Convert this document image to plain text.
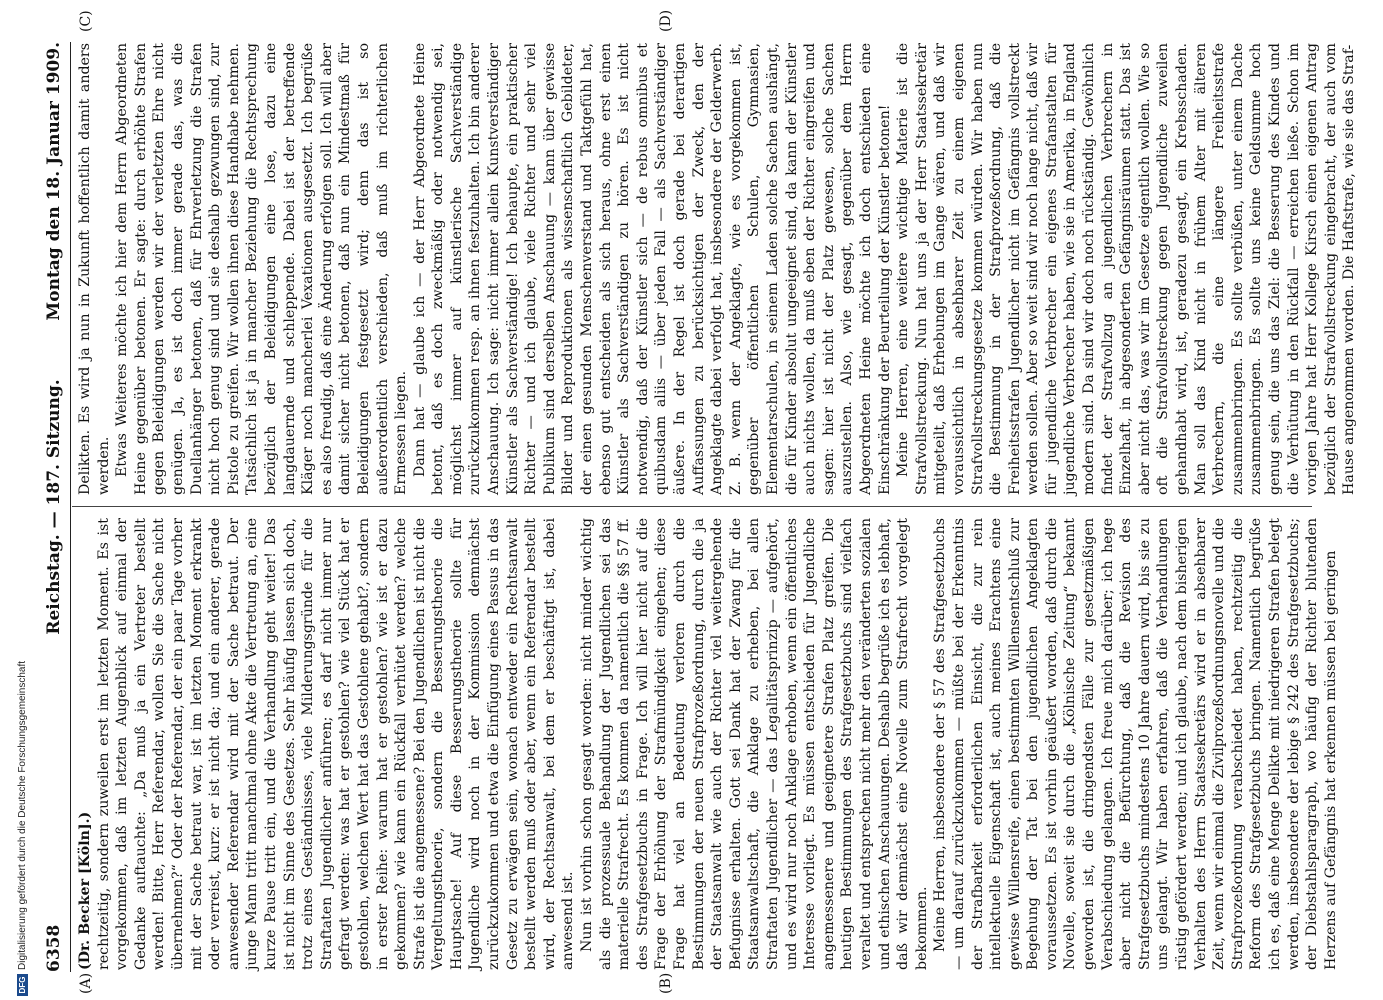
6358
Reichstag. — 187. Sitzung.
Montag den 18. Januar 1909.
(A)	(B)
(C)	(D)

(Dr. Becker [Köln].) rechtzeitig, sondern zuweilen erst im letzten Moment. Es ist vorgekommen, daß im letzten Augenblick auf einmal der Gedanke auftauchte: „Da muß ja ein Vertreter bestellt werden! Bitte, Herr Referendar, wollen Sie die Sache nicht übernehmen?“ Oder der Referendar, der ein paar Tage vorher mit der Sache betraut war, ist im letzten Moment erkrankt oder verreist, kurz: er ist nicht da; und ein anderer, gerade anwesender Referendar wird mit der Sache betraut. Der junge Mann tritt manchmal ohne Akte die Vertretung an, eine kurze Pause tritt ein, und die Verhandlung geht weiter! Das ist nicht im Sinne des Gesetzes. Sehr häufig lassen sich doch, trotz eines Geständnisses, viele Milderungsgründe für die Straftaten Jugendlicher anführen; es darf nicht immer nur gefragt werden: was hat er gestohlen? wie viel Stück hat er gestohlen, welchen Wert hat das Gestohlene gehabt?, sondern in erster Reihe: warum hat er gestohlen? wie ist er dazu gekommen? wie kann ein Rückfall verhütet werden? welche Strafe ist die angemessene? Bei den Jugendlichen ist nicht die Vergeltungstheorie, sondern die Besserungstheorie die Hauptsache! Auf diese Besserungstheorie sollte für Jugendliche wird noch in der Kommission demnächst zurückzukommen und etwa die Einfügung eines Passus in das Gesetz zu erwägen sein, wonach entweder ein Rechtsanwalt bestellt werden muß oder aber, wenn ein Referendar bestellt wird, der Rechtsanwalt, bei dem er beschäftigt ist, dabei anwesend ist. Nun ist vorhin schon gesagt worden: nicht minder wichtig als die prozessuale Behandlung der Jugendlichen sei das materielle Strafrecht. Es kommen da namentlich die §§ 57 ff. des Strafgesetzbuchs in Frage. Ich will hier nicht auf die Frage der Erhöhung der Strafmündigkeit eingehen; diese Frage hat viel an Bedeutung verloren durch die Bestimmungen der neuen Strafprozeßordnung, durch die ja der Staatsanwalt wie auch der Richter viel weitergehende Befugnisse erhalten. Gott sei Dank hat der Zwang für die Staatsanwaltschaft, die Anklage zu erheben, bei allen Straftaten Jugendlicher — das Legalitätsprinzip — aufgehört, und es wird nur noch Anklage erhoben, wenn ein öffentliches Interesse vorliegt. Es müssen entschieden für Jugendliche angemessenere und geeignetere Strafen Platz greifen. Die heutigen Bestimmungen des Strafgesetzbuchs sind vielfach veraltet und entsprechen nicht mehr den veränderten sozialen und ethischen Anschauungen. Deshalb begrüße ich es lebhaft, daß wir demnächst eine Novelle zum Strafrecht vorgelegt bekommen. Meine Herren, insbesondere der § 57 des Strafgesetzbuchs — um darauf zurückzukommen — müßte bei der Erkenntnis der Strafbarkeit erforderlichen Einsicht, die zur rein intellektuelle Eigenschaft ist, auch meines Erachtens eine gewisse Willensreife, einen bestimmten Willensentschluß zur Begehung der Tat bei den jugendlichen Angeklagten voraussetzen. Es ist vorhin geäußert worden, daß durch die Novelle, soweit sie durch die „Kölnische Zeitung“ bekannt geworden ist, die dringendsten Fälle zur gesetzmäßigen Verabschiedung gelangen. Ich freue mich darüber; ich hege aber nicht die Befürchtung, daß die Revision des Strafgesetzbuchs mindestens 10 Jahre dauern wird, bis sie zu uns gelangt. Wir haben erfahren, daß die Verhandlungen rüstig gefördert werden; und ich glaube, nach dem bisherigen Verhalten des Herrn Staatssekretärs wird er in absehbarer Zeit, wenn wir einmal die Zivilprozeßordnungsnovelle und die Strafprozeßordnung verabschiedet haben, rechtzeitig die Reform des Strafgesetzbuchs bringen. Namentlich begrüße ich es, daß eine Menge Delikte mit niedrigeren Strafen belegt werden, insbesondere der lebige § 242 des Strafgesetzbuchs; der Diebstahlsparagraph, wo häufig der Richter blutenden Herzens auf Gefängnis hat erkennen müssen bei geringen

Delikten. Es wird ja nun in Zukunft hoffentlich damit anders werden. Etwas Weiteres möchte ich hier dem Herrn Abgeordneten Heine gegenüber betonen. Er sagte: durch erhöhte Strafen gegen Beleidigungen werden wir der verletzten Ehre nicht genügen. Ja, es ist doch immer gerade das, was die Duellanhänger betonen, daß für Ehrverletzung die Strafen nicht hoch genug sind und sie deshalb gezwungen sind, zur Pistole zu greifen. Wir wollen ihnen diese Handhabe nehmen. Tatsächlich ist ja in mancher Beziehung die Rechtsprechung bezüglich der Beleidigungen eine lose, dazu eine langdauernde und schleppende. Dabei ist der betreffende Kläger noch mancherlei Vexationen ausgesetzt. Ich begrüße es also freudig, daß eine Änderung erfolgen soll. Ich will aber damit sicher nicht betonen, daß nun ein Mindestmaß für Beleidigungen festgesetzt wird; denn das ist so außerordentlich verschieden, daß muß im richterlichen Ermessen liegen. Dann hat — glaube ich — der Herr Abgeordnete Heine betont, daß es doch zweckmäßig oder notwendig sei, möglichst immer auf künstlerische Sachverständige zurückzukommen resp. an ihnen festzuhalten. Ich bin anderer Anschauung. Ich sage: nicht immer allein Kunstverständiger Künstler als Sachverständige! Ich behaupte, ein praktischer Richter — und ich glaube, viele Richter und sehr viel Publikum sind derselben Anschauung — kann über gewisse Bilder und Reproduktionen als wissenschaftlich Gebildeter, der einen gesunden Menschenverstand und Taktgefühl hat, ebenso gut entscheiden als sich heraus, ohne erst einen Künstler als Sachverständigen zu hören. Es ist nicht notwendig, daß der Künstler sich — de rebus omnibus et quibusdam aliis — über jeden Fall — als Sachverständiger äußere. In der Regel ist doch gerade bei derartigen Auffassungen zu berücksichtigen der Zweck, den der Angeklagte dabei verfolgt hat, insbesondere der Gelderwerb. Z. B. wenn der Angeklagte, wie es vorgekommen ist, gegenüber öffentlichen Schulen, Gymnasien, Elementarschulen, in seinem Laden solche Sachen aushängt, die für Kinder absolut ungeeignet sind, da kann der Künstler auch nichts wollen, da muß eben der Richter eingreifen und sagen: hier ist nicht der Platz gewesen, solche Sachen auszustellen. Also, wie gesagt, gegenüber dem Herrn Abgeordneten Heine möchte ich doch entschieden eine Einschränkung der Beurteilung der Künstler betonen! Meine Herren, eine weitere wichtige Materie ist die Strafvollstreckung. Nun hat uns ja der Herr Staatssekretär mitgeteilt, daß Erhebungen im Gange wären, und daß wir voraussichtlich in absehbarer Zeit zu einem eigenen Strafvollstreckungsgesetze kommen würden. Wir haben nun die Bestimmung in der Strafprozeßordnung, daß die Freiheitsstrafen Jugendlicher nicht im Gefängnis vollstreckt werden sollen. Aber so weit sind wir noch lange nicht, daß wir für jugendliche Verbrecher ein eigenes Strafanstalten für jugendliche Verbrecher haben, wie sie in Amerika, in England modern sind. Da sind wir doch noch rückständig. Gewöhnlich findet der Strafvollzug an jugendlichen Verbrechern in Einzelhaft, in abgesonderten Gefängnisräumen statt. Das ist aber nicht das, was wir im Gesetze eigentlich wollen. Wie so oft die Strafvollstreckung gegen Jugendliche zuweilen gehandhabt wird, ist, geradezu gesagt, ein Krebsschaden. Man soll das Kind nicht in frühem Alter mit älteren Verbrechern, die eine längere Freiheitsstrafe zusammenbringen. Es sollte verbüßen, unter einem Dache zusammenbringen. Es sollte uns keine Geldsumme hoch genug sein, die uns das Ziel: die Besserung des Kindes und die Verhütung in den Rückfall — erreichen ließe. Schon im vorigen Jahre hat Herr Kollege Kirsch einen eigenen Antrag bezüglich der Strafvollstreckung eingebracht, der auch vom Hause angenommen worden. Die Haftstrafe, wie sie das Straf-

DFGDigitalisierung gefördert durch die Deutsche Forschungsgemeinschaft
